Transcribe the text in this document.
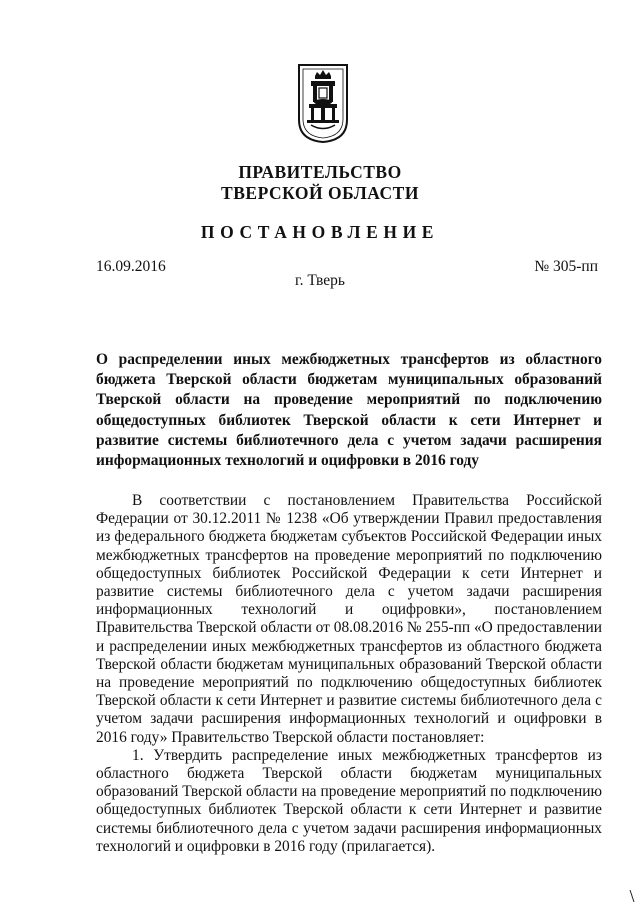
ПРАВИТЕЛЬСТВО
ТВЕРСКОЙ ОБЛАСТИ
ПОСТАНОВЛЕНИЕ
16.09.2016	№ 305-пп
г. Тверь
О распределении иных межбюджетных трансфертов из областного бюджета Тверской области бюджетам муниципальных образований Тверской области на проведение мероприятий по подключению общедоступных библиотек Тверской области к сети Интернет и развитие системы библиотечного дела с учетом задачи расширения информационных технологий и оцифровки в 2016 году

В соответствии с постановлением Правительства Российской Федерации от 30.12.2011 № 1238 «Об утверждении Правил предоставления из федерального бюджета бюджетам субъектов Российской Федерации иных межбюджетных трансфертов на проведение мероприятий по подключению общедоступных библиотек Российской Федерации к сети Интернет и развитие системы библиотечного дела с учетом задачи расширения информационных технологий и оцифровки», постановлением Правительства Тверской области от 08.08.2016 № 255-пп «О предоставлении и распределении иных межбюджетных трансфертов из областного бюджета Тверской области бюджетам муниципальных образований Тверской области на проведение мероприятий по подключению общедоступных библиотек Тверской области к сети Интернет и развитие системы библиотечного дела с учетом задачи расширения информационных технологий и оцифровки в 2016 году» Правительство Тверской области постановляет:

1. Утвердить распределение иных межбюджетных трансфертов из областного бюджета Тверской области бюджетам муниципальных образований Тверской области на проведение мероприятий по подключению общедоступных библиотек Тверской области к сети Интернет и развитие системы библиотечного дела с учетом задачи расширения информационных технологий и оцифровки в 2016 году (прилагается).
